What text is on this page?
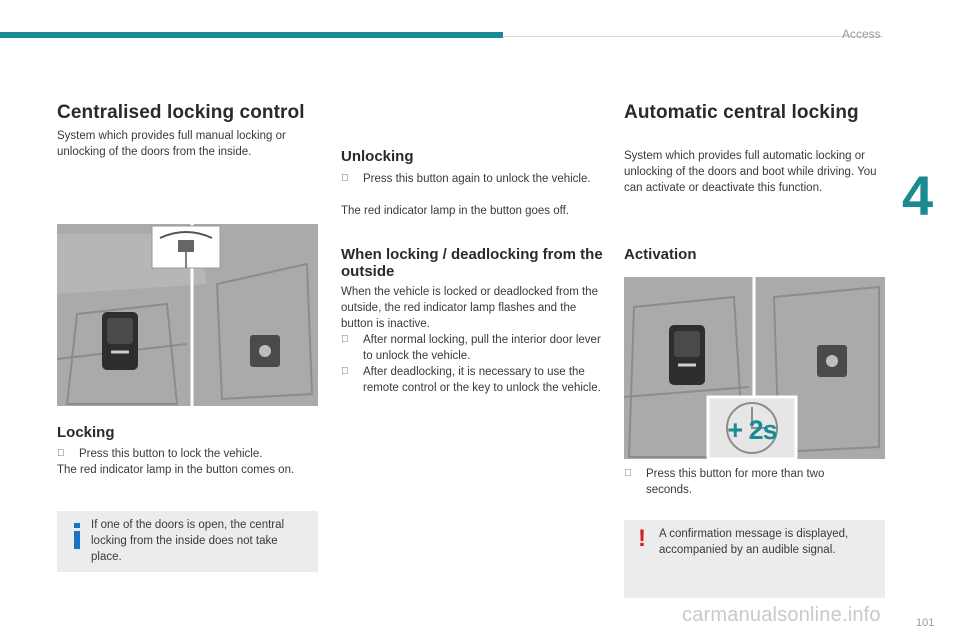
Access
4
Centralised locking control
System which provides full manual locking or unlocking of the doors from the inside.
Locking
Press this button to lock the vehicle.
The red indicator lamp in the button comes on.
If one of the doors is open, the central locking from the inside does not take place.
Unlocking
Press this button again to unlock the vehicle.
The red indicator lamp in the button goes off.
When locking / deadlocking from the outside
When the vehicle is locked or deadlocked from the outside, the red indicator lamp flashes and the button is inactive.
After normal locking, pull the interior door lever to unlock the vehicle.
After deadlocking, it is necessary to use the remote control or the key to unlock the vehicle.
Automatic central locking
System which provides full automatic locking or unlocking of the doors and boot while driving. You can activate or deactivate this function.
Activation
+ 2s
Press this button for more than two seconds.
! A confirmation message is displayed, accompanied by an audible signal.
carmanualsonline.info	101
